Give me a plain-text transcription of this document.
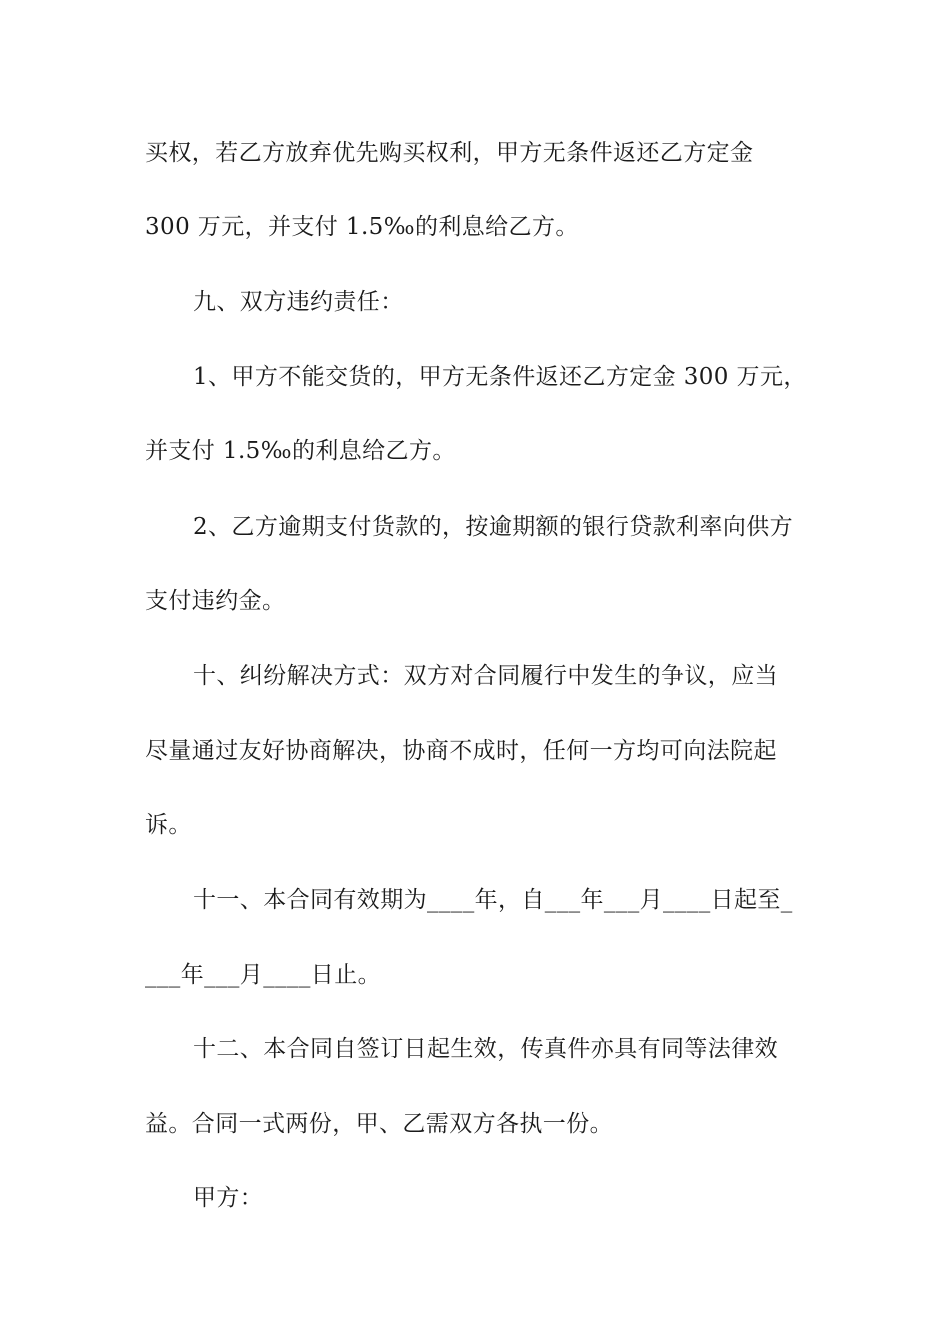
买权，若乙方放弃优先购买权利，甲方无条件返还乙方定金
300 万元，并支付 1.5‰的利息给乙方。
九、双方违约责任：
1、甲方不能交货的，甲方无条件返还乙方定金 300 万元，
并支付 1.5‰的利息给乙方。
2、乙方逾期支付货款的，按逾期额的银行贷款利率向供方
支付违约金。
十、纠纷解决方式：双方对合同履行中发生的争议，应当
尽量通过友好协商解决，协商不成时，任何一方均可向法院起
诉。
十一、本合同有效期为____年，自___年___月____日起至_
___年___月____日止。
十二、本合同自签订日起生效，传真件亦具有同等法律效
益。合同一式两份，甲、乙需双方各执一份。
甲方：
